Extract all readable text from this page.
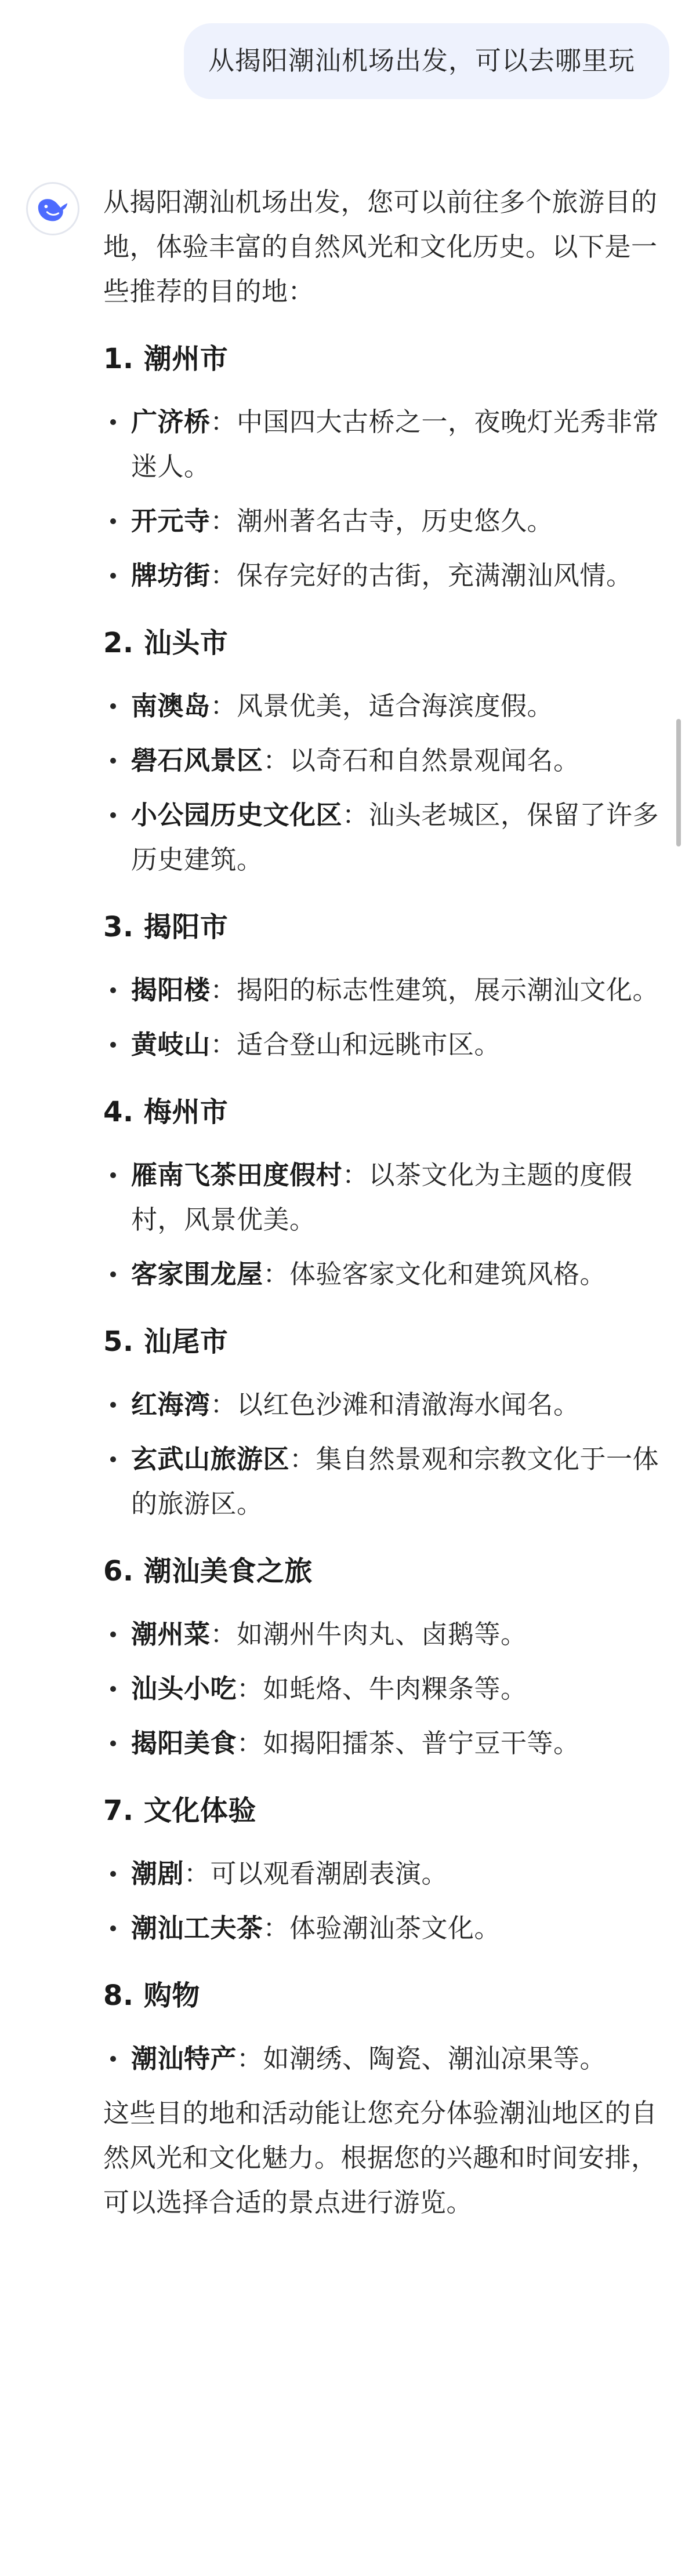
从揭阳潮汕机场出发，可以去哪里玩

从揭阳潮汕机场出发，您可以前往多个旅游目的地，体验丰富的自然风光和文化历史。以下是一些推荐的目的地：

1. 潮州市
广济桥：中国四大古桥之一，夜晚灯光秀非常迷人。
开元寺：潮州著名古寺，历史悠久。
牌坊街：保存完好的古街，充满潮汕风情。
2. 汕头市
南澳岛：风景优美，适合海滨度假。
礐石风景区：以奇石和自然景观闻名。
小公园历史文化区：汕头老城区，保留了许多历史建筑。
3. 揭阳市
揭阳楼：揭阳的标志性建筑，展示潮汕文化。
黄岐山：适合登山和远眺市区。
4. 梅州市
雁南飞茶田度假村：以茶文化为主题的度假村，风景优美。
客家围龙屋：体验客家文化和建筑风格。
5. 汕尾市
红海湾：以红色沙滩和清澈海水闻名。
玄武山旅游区：集自然景观和宗教文化于一体的旅游区。
6. 潮汕美食之旅
潮州菜：如潮州牛肉丸、卤鹅等。
汕头小吃：如蚝烙、牛肉粿条等。
揭阳美食：如揭阳擂茶、普宁豆干等。
7. 文化体验
潮剧：可以观看潮剧表演。
潮汕工夫茶：体验潮汕茶文化。
8. 购物
潮汕特产：如潮绣、陶瓷、潮汕凉果等。

这些目的地和活动能让您充分体验潮汕地区的自然风光和文化魅力。根据您的兴趣和时间安排，可以选择合适的景点进行游览。
